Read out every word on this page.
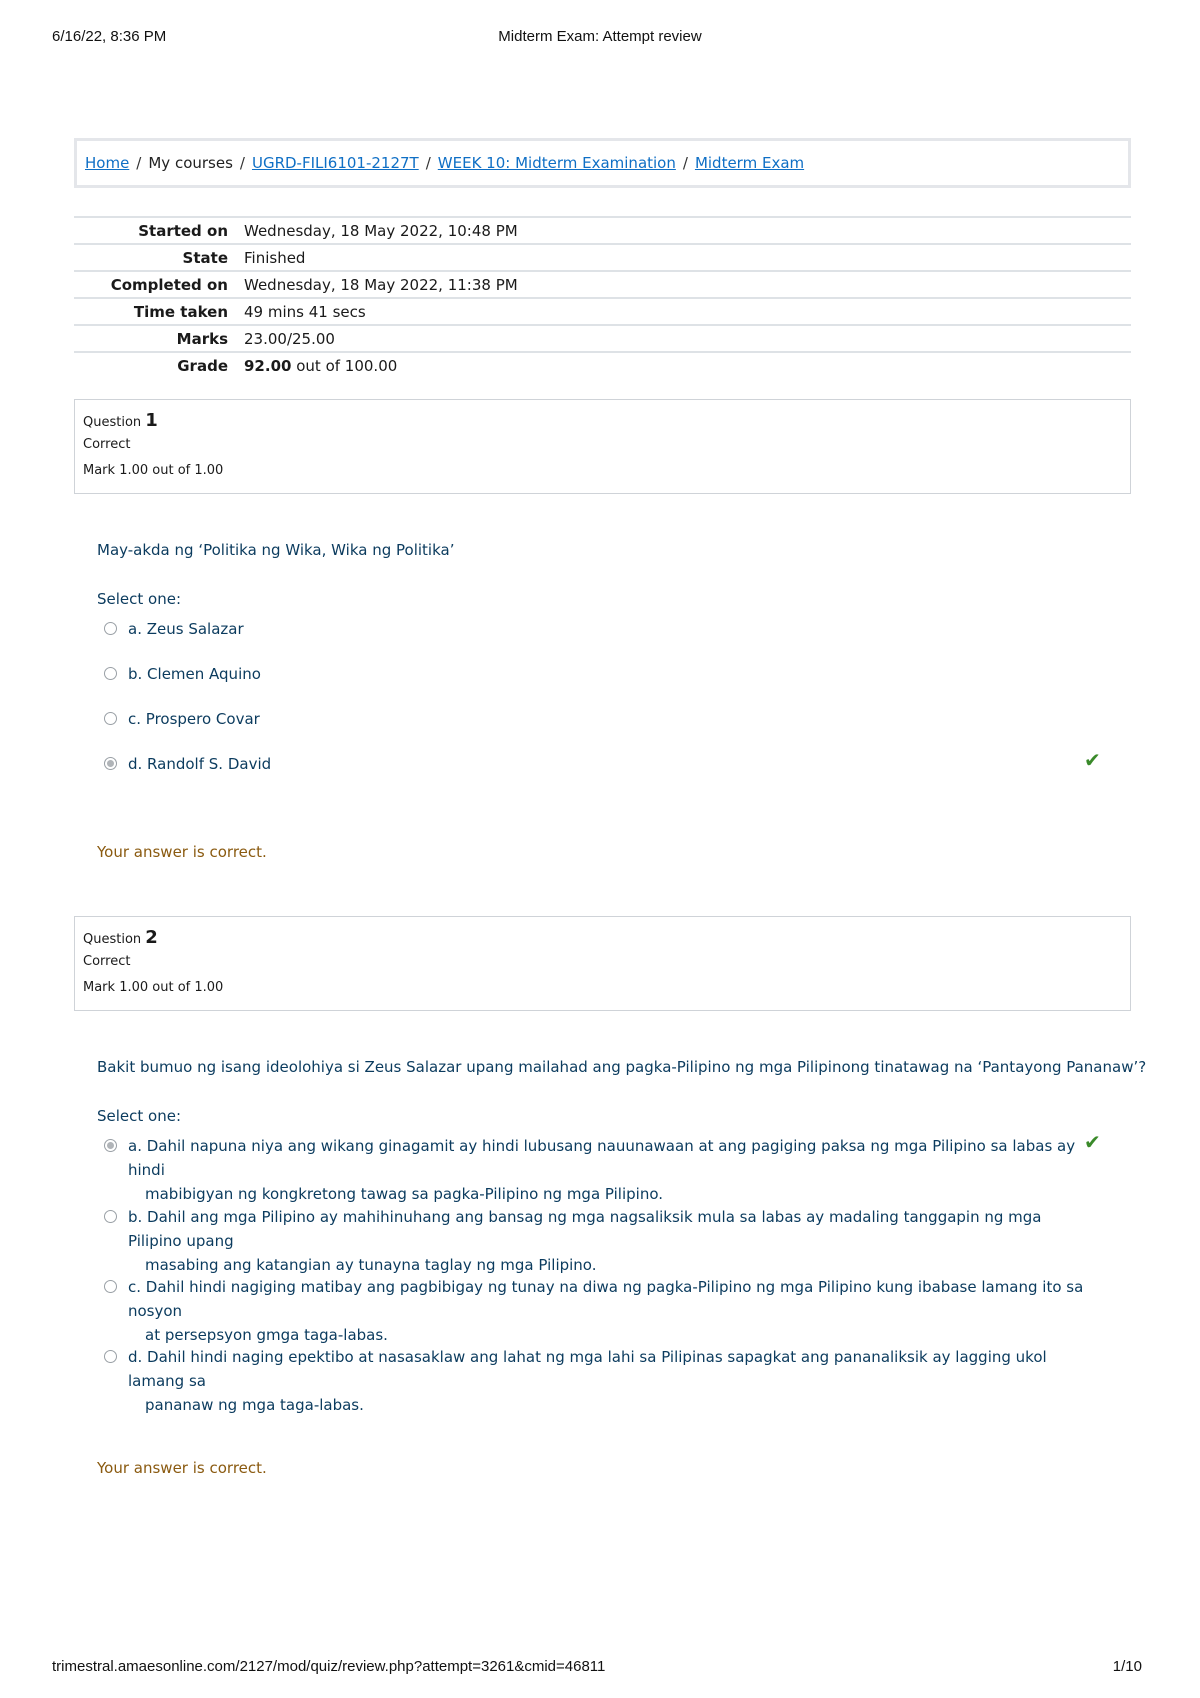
6/16/22, 8:36 PM	Midterm Exam: Attempt review
Home / My courses / UGRD-FILI6101-2127T / WEEK 10: Midterm Examination / Midterm Exam
Started on	Wednesday, 18 May 2022, 10:48 PM
State	Finished
Completed on	Wednesday, 18 May 2022, 11:38 PM
Time taken	49 mins 41 secs
Marks	23.00/25.00
Grade	92.00 out of 100.00
Question 1
Correct
Mark 1.00 out of 1.00
May-akda ng ‘Politika ng Wika, Wika ng Politika’
Select one:
a. Zeus Salazar
b. Clemen Aquino
c. Prospero Covar
d. Randolf S. David	✔
Your answer is correct.
Question 2
Correct
Mark 1.00 out of 1.00
Bakit bumuo ng isang ideolohiya si Zeus Salazar upang mailahad ang pagka-Pilipino ng mga Pilipinong tinatawag na ‘Pantayong Pananaw’?
Select one:
a. Dahil napuna niya ang wikang ginagamit ay hindi lubusang nauunawaan at ang pagiging paksa ng mga Pilipino sa labas ay hindi
mabibigyan ng kongkretong tawag sa pagka-Pilipino ng mga Pilipino.
✔
b. Dahil ang mga Pilipino ay mahihinuhang ang bansag ng mga nagsaliksik mula sa labas ay madaling tanggapin ng mga Pilipino upang
masabing ang katangian ay tunayna taglay ng mga Pilipino.
c. Dahil hindi nagiging matibay ang pagbibigay ng tunay na diwa ng pagka-Pilipino ng mga Pilipino kung ibabase lamang ito sa nosyon
at persepsyon gmga taga-labas.
d. Dahil hindi naging epektibo at nasasaklaw ang lahat ng mga lahi sa Pilipinas sapagkat ang pananaliksik ay lagging ukol lamang sa
pananaw ng mga taga-labas.
Your answer is correct.
trimestral.amaesonline.com/2127/mod/quiz/review.php?attempt=3261&cmid=46811	1/10
